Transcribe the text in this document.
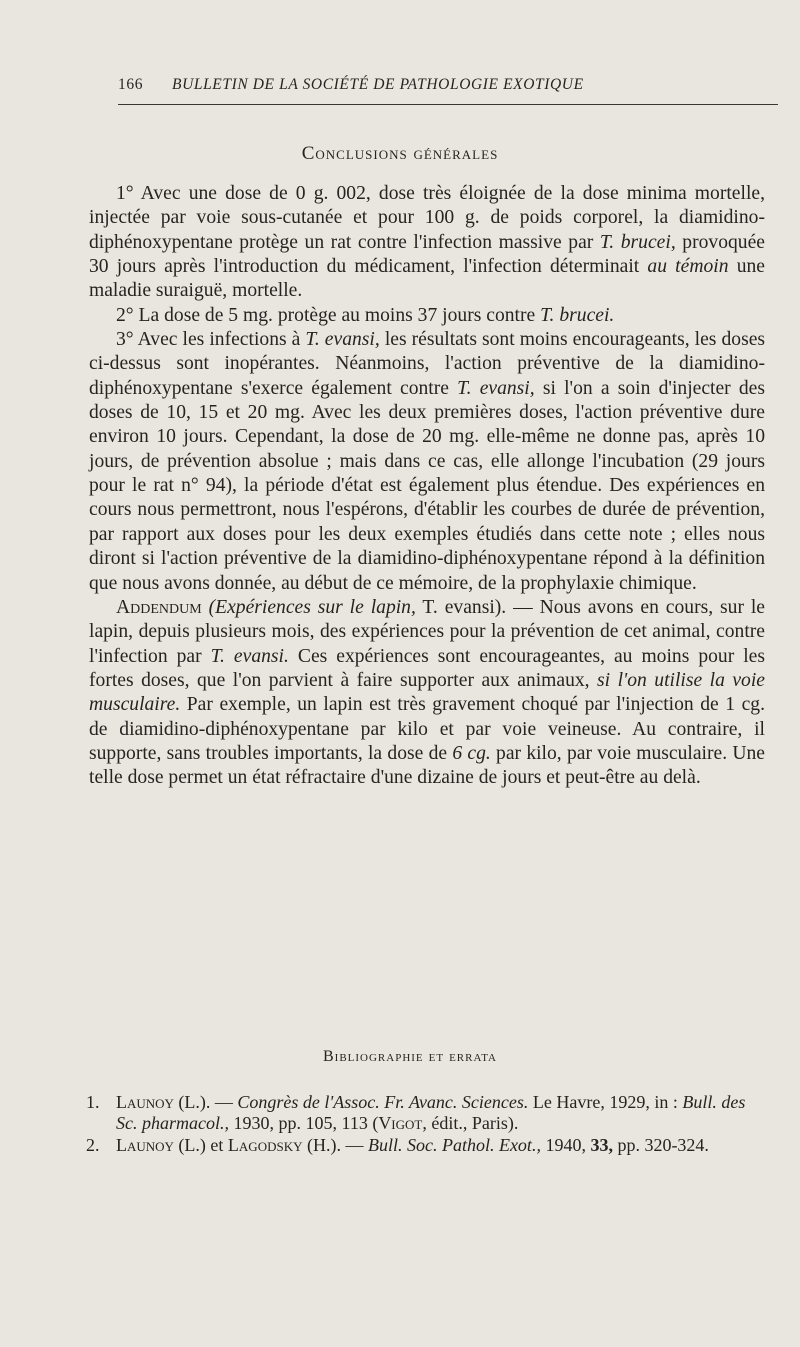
166 BULLETIN DE LA SOCIÉTÉ DE PATHOLOGIE EXOTIQUE
Conclusions générales

1° Avec une dose de 0 g. 002, dose très éloignée de la dose minima mortelle, injectée par voie sous-cutanée et pour 100 g. de poids corporel, la diamidino-diphénoxypentane protège un rat contre l'infection massive par T. brucei, provoquée 30 jours après l'introduction du médicament, l'infection déterminait au témoin une maladie suraiguë, mortelle.

2° La dose de 5 mg. protège au moins 37 jours contre T. brucei.

3° Avec les infections à T. evansi, les résultats sont moins encourageants, les doses ci-dessus sont inopérantes. Néanmoins, l'action préventive de la diamidino-diphénoxypentane s'exerce également contre T. evansi, si l'on a soin d'injecter des doses de 10, 15 et 20 mg. Avec les deux premières doses, l'action préventive dure environ 10 jours. Cependant, la dose de 20 mg. elle-même ne donne pas, après 10 jours, de prévention absolue ; mais dans ce cas, elle allonge l'incubation (29 jours pour le rat n° 94), la période d'état est également plus étendue. Des expériences en cours nous permettront, nous l'espérons, d'établir les courbes de durée de prévention, par rapport aux doses pour les deux exemples étudiés dans cette note ; elles nous diront si l'action préventive de la diamidino-diphénoxypentane répond à la définition que nous avons donnée, au début de ce mémoire, de la prophylaxie chimique.

Addendum (Expériences sur le lapin, T. evansi). — Nous avons en cours, sur le lapin, depuis plusieurs mois, des expériences pour la prévention de cet animal, contre l'infection par T. evansi. Ces expériences sont encourageantes, au moins pour les fortes doses, que l'on parvient à faire supporter aux animaux, si l'on utilise la voie musculaire. Par exemple, un lapin est très gravement choqué par l'injection de 1 cg. de diamidino-diphénoxypentane par kilo et par voie veineuse. Au contraire, il supporte, sans troubles importants, la dose de 6 cg. par kilo, par voie musculaire. Une telle dose permet un état réfractaire d'une dizaine de jours et peut-être au delà.

Bibliographie et errata
1. Launoy (L.). — Congrès de l'Assoc. Fr. Avanc. Sciences. Le Havre, 1929, in : Bull. des Sc. pharmacol., 1930, pp. 105, 113 (Vigot, édit., Paris).
2. Launoy (L.) et Lagodsky (H.). — Bull. Soc. Pathol. Exot., 1940, 33, pp. 320-324.
